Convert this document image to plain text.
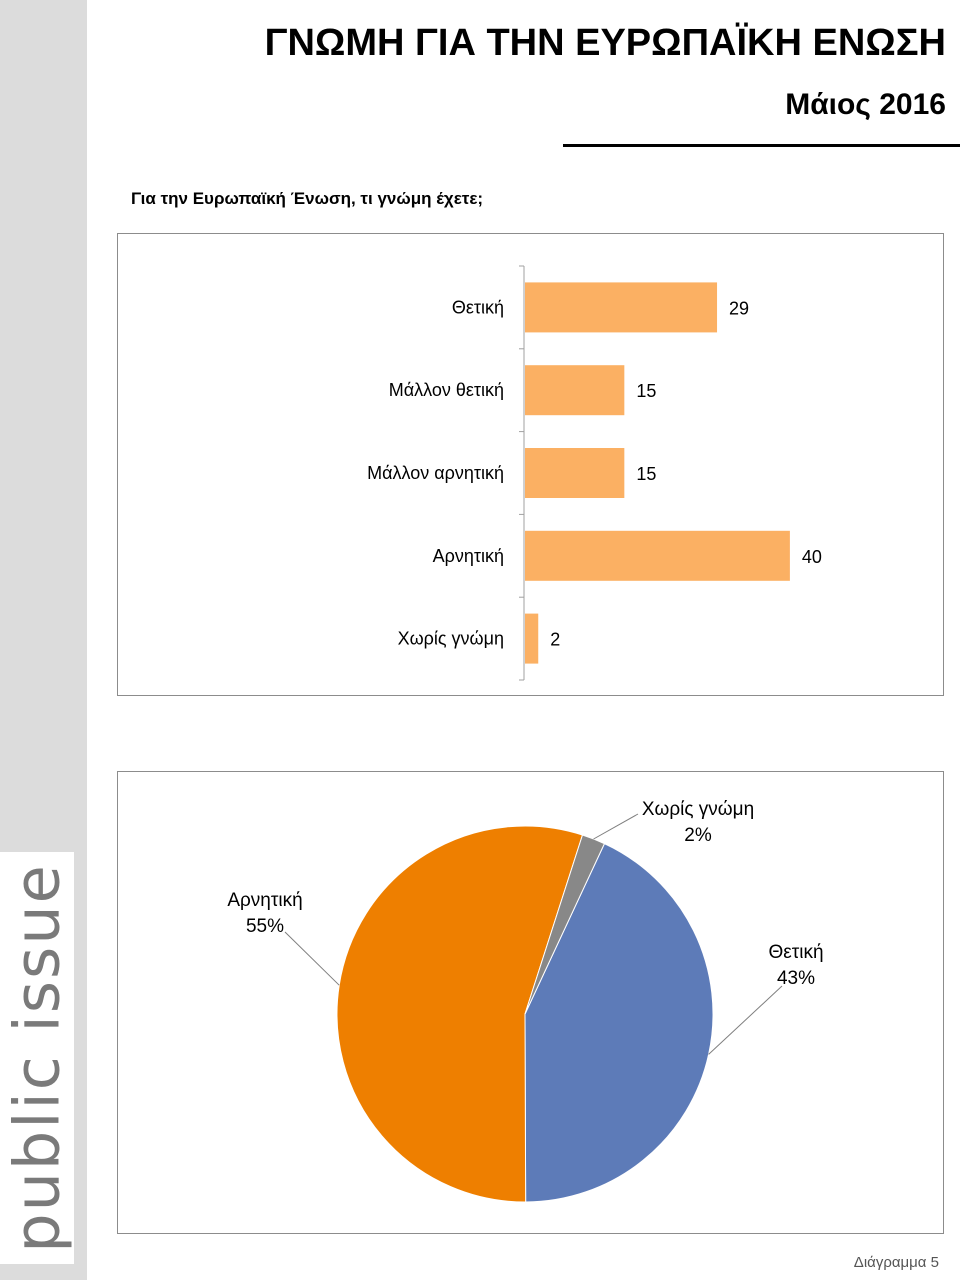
public issue
ΓΝΩΜΗ ΓΙΑ ΤΗΝ ΕΥΡΩΠΑΪΚΗ ΕΝΩΣΗ
Μάιος 2016
Για την Ευρωπαϊκή Ένωση, τι γνώμη έχετε;
Θετική	29
Μάλλον θετική	15
Μάλλον αρνητική	15
Αρνητική	40
Χωρίς γνώμη	2
Θετική
43%
Αρνητική
55%
Χωρίς γνώμη
2%
Διάγραμμα 5
